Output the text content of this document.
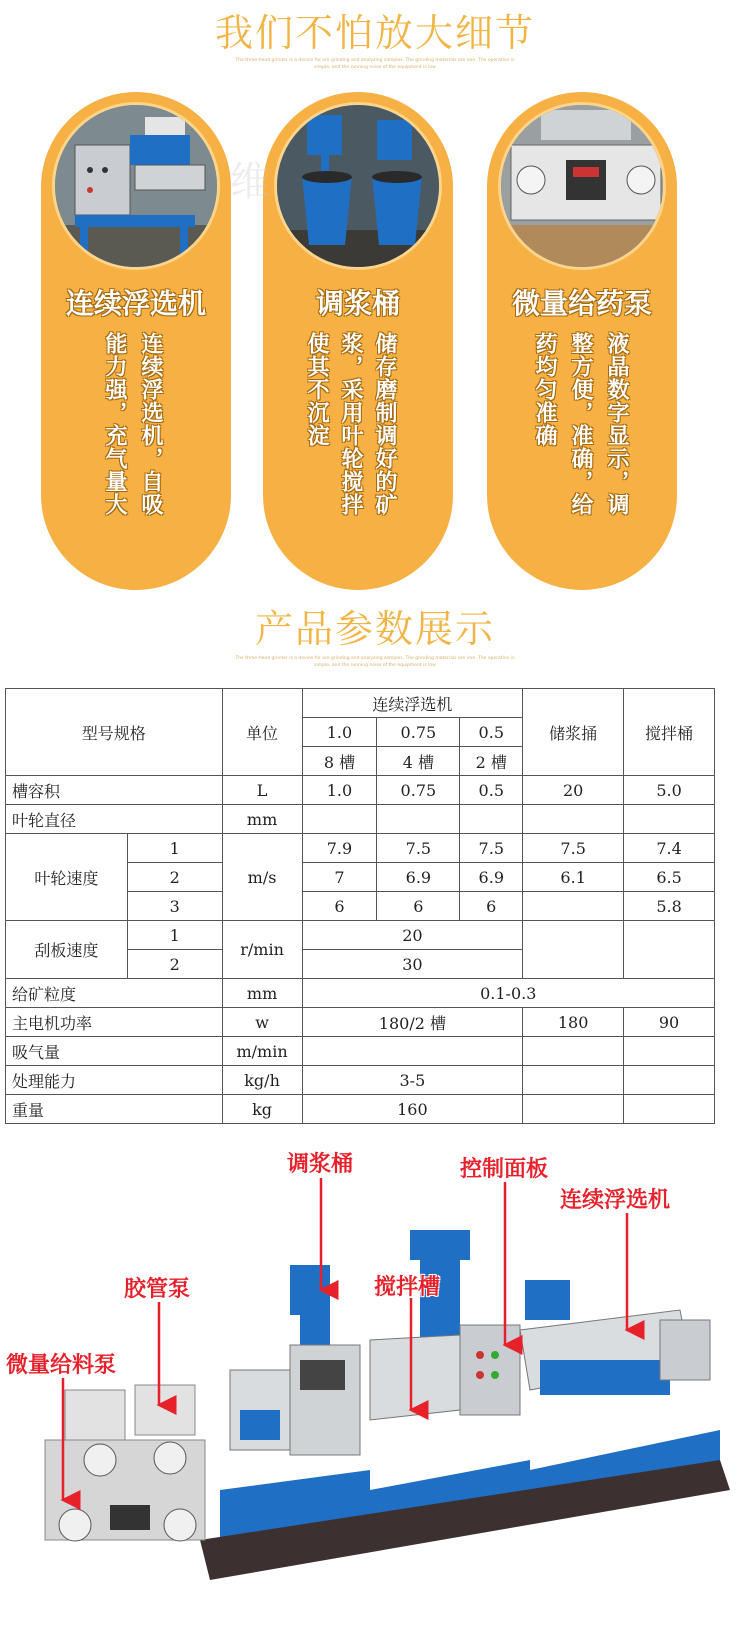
我们不怕放大细节
The three-head grinder is a device for ore grinding and analyzing samples. The grinding materials are iron. The operation is
simple, and the running noise of the equipment is low
连续浮选机
连续浮选机，自吸
能力强，充气量大
调浆桶
储存磨制调好的矿
浆，采用叶轮搅拌
使其不沉淀
微量给药泵
液晶数字显示，调
整方便，准确，给
药均匀准确
维
产品参数展示
The three-head grinder is a device for ore grinding and analyzing samples. The grinding materials are iron. The operation is
simple, and the running noise of the equipment is low
型号规格		单位	连续浮选机			储浆捅	搅拌桶
			1.0	0.75	0.5		
			8 槽	4 槽	2 槽		
槽容积		L	1.0	0.75	0.5	20	5.0
叶轮直径		mm					
叶轮速度	1	m/s	7.9	7.5	7.5	7.5	7.4
	2		7	6.9	6.9	6.1	6.5
	3		6	6	6		5.8
刮板速度	1	r/min	20				
	2		30				
给矿粒度		mm	0.1-0.3				
主电机功率		w	180/2 槽			180	90
吸气量		m/min					
处理能力		kg/h	3-5				
重量		kg	160				
调浆桶	控制面板
连续浮选机
胶管泵	搅拌槽
微量给料泵
